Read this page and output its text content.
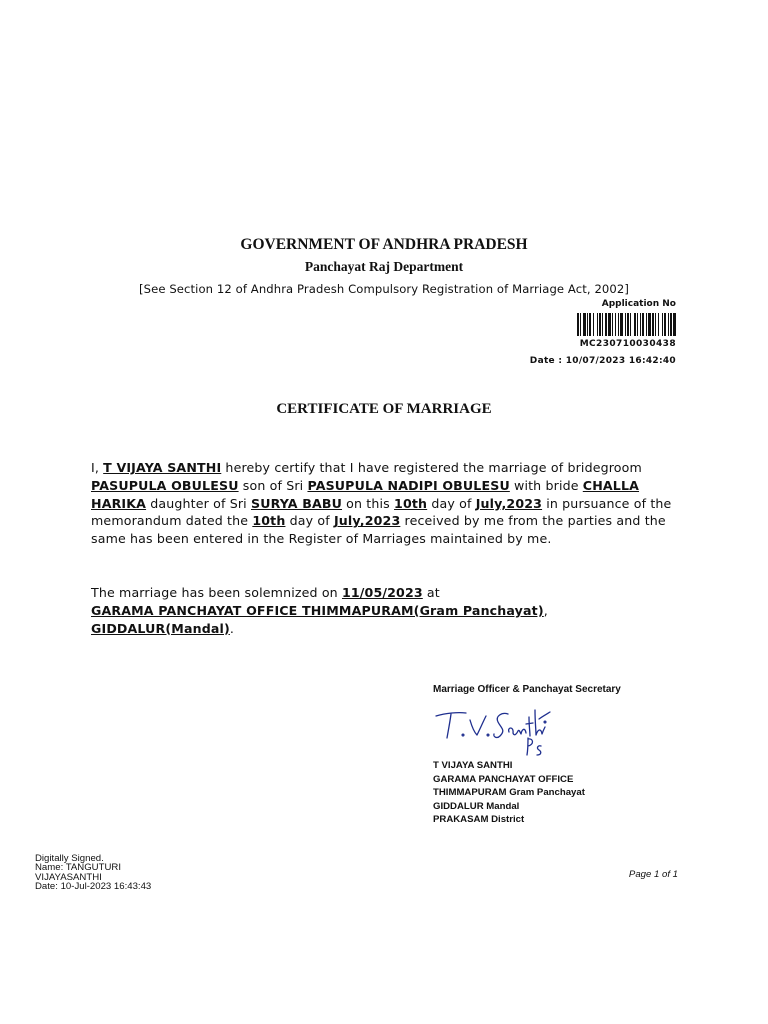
GOVERNMENT OF ANDHRA PRADESH
Panchayat Raj Department
[See Section 12 of Andhra Pradesh Compulsory Registration of Marriage Act, 2002]
Application No
MC230710030438
Date : 10/07/2023 16:42:40
CERTIFICATE OF MARRIAGE
I, T VIJAYA SANTHI hereby certify that I have registered the marriage of bridegroom PASUPULA OBULESU son of Sri PASUPULA NADIPI OBULESU with bride CHALLA HARIKA daughter of Sri SURYA BABU on this 10th day of July,2023 in pursuance of the memorandum dated the 10th day of July,2023 received by me from the parties and the same has been entered in the Register of Marriages maintained by me.
The marriage has been solemnized on 11/05/2023 at
GARAMA PANCHAYAT OFFICE THIMMAPURAM(Gram Panchayat),
GIDDALUR(Mandal).
Marriage Officer & Panchayat Secretary
T VIJAYA SANTHI
GARAMA PANCHAYAT OFFICE
THIMMAPURAM Gram Panchayat
GIDDALUR Mandal
PRAKASAM District
Digitally Signed.
Name: TANGUTURI
VIJAYASANTHI
Date: 10-Jul-2023 16:43:43
Page 1 of 1
